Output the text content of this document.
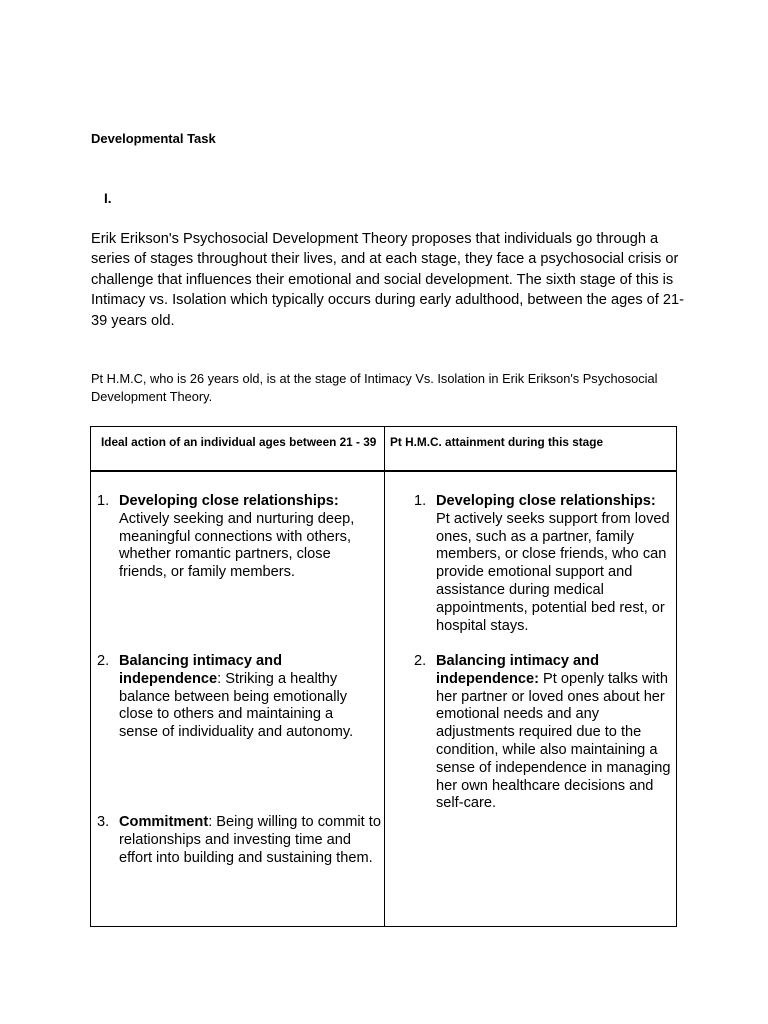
Developmental Task
I.

Erik Erikson's Psychosocial Development Theory proposes that individuals go through a series of stages throughout their lives, and at each stage, they face a psychosocial crisis or challenge that influences their emotional and social development. The sixth stage of this is Intimacy vs. Isolation which typically occurs during early adulthood, between the ages of 21-39 years old.

Pt H.M.C, who is 26 years old, is at the stage of Intimacy Vs. Isolation in Erik Erikson's Psychosocial Development Theory.

Ideal action of an individual ages between 21 - 39 Pt H.M.C. attainment during this stage
1. Developing close relationships:
Actively seeking and nurturing deep, meaningful connections with others, whether romantic partners, close friends, or family members.
2. Balancing intimacy and independence: Striking a healthy balance between being emotionally close to others and maintaining a sense of individuality and autonomy.
3. Commitment: Being willing to commit to relationships and investing time and effort into building and sustaining them.
1. Developing close relationships:
Pt actively seeks support from loved ones, such as a partner, family members, or close friends, who can provide emotional support and assistance during medical appointments, potential bed rest, or hospital stays.
2. Balancing intimacy and independence: Pt openly talks with her partner or loved ones about her emotional needs and any adjustments required due to the condition, while also maintaining a sense of independence in managing her own healthcare decisions and self-care.
